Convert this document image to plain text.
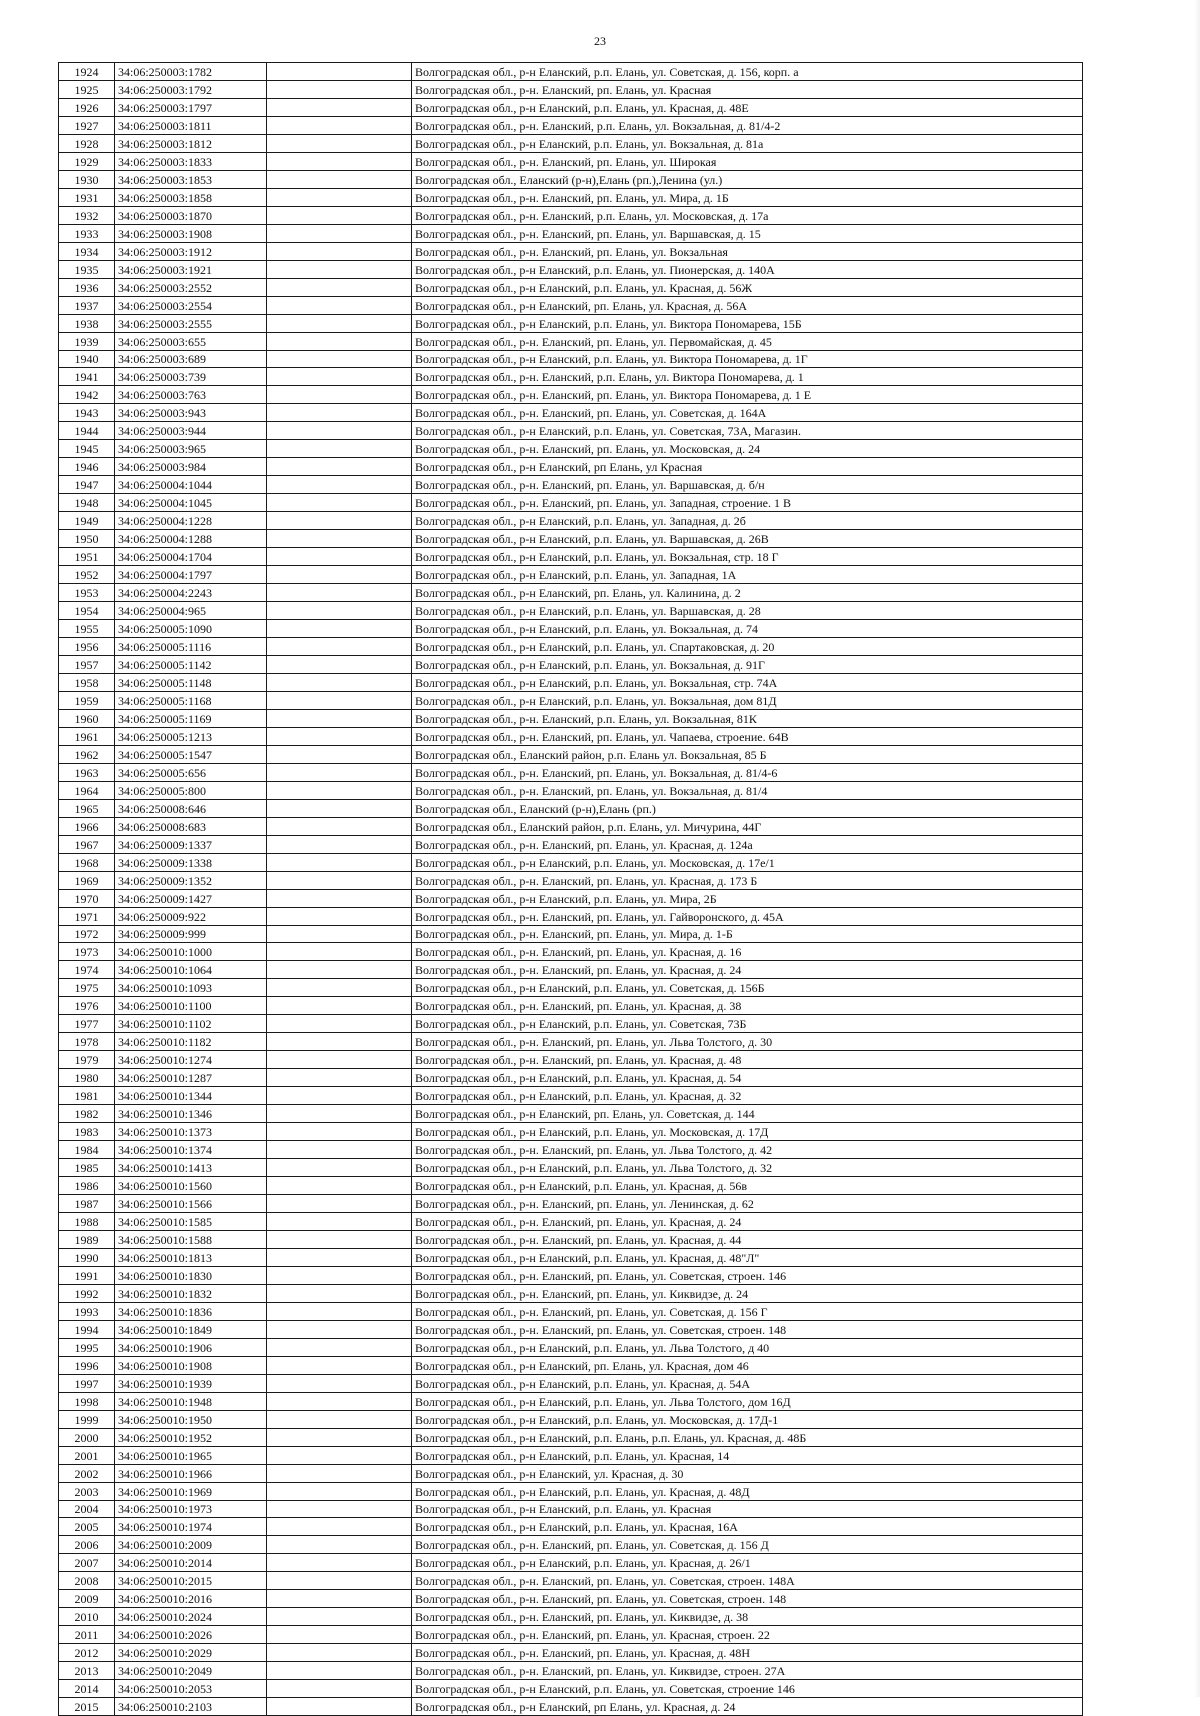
23
1924	34:06:250003:1782		Волгоградская обл., р-н Еланский, р.п. Елань, ул. Советская, д. 156, корп. а
1925	34:06:250003:1792		Волгоградская обл., р-н. Еланский, рп. Елань, ул. Красная
1926	34:06:250003:1797		Волгоградская обл., р-н Еланский, р.п. Елань, ул. Красная, д. 48Е
1927	34:06:250003:1811		Волгоградская обл., р-н. Еланский, р.п. Елань, ул. Вокзальная, д. 81/4-2
1928	34:06:250003:1812		Волгоградская обл., р-н Еланский, р.п. Елань, ул. Вокзальная, д. 81а
1929	34:06:250003:1833		Волгоградская обл., р-н. Еланский, рп. Елань, ул. Широкая
1930	34:06:250003:1853		Волгоградская обл., Еланский (р-н),Елань (рп.),Ленина (ул.)
1931	34:06:250003:1858		Волгоградская обл., р-н. Еланский, рп. Елань, ул. Мира, д. 1Б
1932	34:06:250003:1870		Волгоградская обл., р-н. Еланский, р.п. Елань, ул. Московская, д. 17а
1933	34:06:250003:1908		Волгоградская обл., р-н. Еланский, рп. Елань, ул. Варшавская, д. 15
1934	34:06:250003:1912		Волгоградская обл., р-н. Еланский, рп. Елань, ул. Вокзальная
1935	34:06:250003:1921		Волгоградская обл., р-н Еланский, р.п. Елань, ул. Пионерская, д. 140А
1936	34:06:250003:2552		Волгоградская обл., р-н Еланский, р.п. Елань, ул. Красная, д. 56Ж
1937	34:06:250003:2554		Волгоградская обл., р-н Еланский, рп. Елань, ул. Красная, д. 56А
1938	34:06:250003:2555		Волгоградская обл., р-н Еланский, р.п. Елань, ул. Виктора Пономарева, 15Б
1939	34:06:250003:655		Волгоградская обл., р-н. Еланский, рп. Елань, ул. Первомайская, д. 45
1940	34:06:250003:689		Волгоградская обл., р-н Еланский, р.п. Елань, ул. Виктора Пономарева, д. 1Г
1941	34:06:250003:739		Волгоградская обл., р-н. Еланский, р.п. Елань, ул. Виктора Пономарева, д. 1
1942	34:06:250003:763		Волгоградская обл., р-н. Еланский, рп. Елань, ул. Виктора Пономарева, д. 1 Е
1943	34:06:250003:943		Волгоградская обл., р-н. Еланский, рп. Елань, ул. Советская, д. 164А
1944	34:06:250003:944		Волгоградская обл., р-н Еланский, р.п. Елань, ул. Советская, 73А, Магазин.
1945	34:06:250003:965		Волгоградская обл., р-н. Еланский, рп. Елань, ул. Московская, д. 24
1946	34:06:250003:984		Волгоградская обл., р-н Еланский, рп Елань, ул Красная
1947	34:06:250004:1044		Волгоградская обл., р-н. Еланский, рп. Елань, ул. Варшавская, д. б/н
1948	34:06:250004:1045		Волгоградская обл., р-н. Еланский, рп. Елань, ул. Западная, строение. 1 В
1949	34:06:250004:1228		Волгоградская обл., р-н Еланский, р.п. Елань, ул. Западная, д. 2б
1950	34:06:250004:1288		Волгоградская обл., р-н Еланский, р.п. Елань, ул. Варшавская, д. 26В
1951	34:06:250004:1704		Волгоградская обл., р-н Еланский, р.п. Елань, ул. Вокзальная, стр. 18 Г
1952	34:06:250004:1797		Волгоградская обл., р-н Еланский, р.п. Елань, ул. Западная, 1А
1953	34:06:250004:2243		Волгоградская обл., р-н Еланский, рп. Елань, ул. Калинина, д. 2
1954	34:06:250004:965		Волгоградская обл., р-н Еланский, р.п. Елань, ул. Варшавская, д. 28
1955	34:06:250005:1090		Волгоградская обл., р-н Еланский, р.п. Елань, ул. Вокзальная, д. 74
1956	34:06:250005:1116		Волгоградская обл., р-н Еланский, р.п. Елань, ул. Спартаковская, д. 20
1957	34:06:250005:1142		Волгоградская обл., р-н Еланский, р.п. Елань, ул. Вокзальная, д. 91Г
1958	34:06:250005:1148		Волгоградская обл., р-н Еланский, р.п. Елань, ул. Вокзальная, стр. 74А
1959	34:06:250005:1168		Волгоградская обл., р-н Еланский, р.п. Елань, ул. Вокзальная, дом 81Д
1960	34:06:250005:1169		Волгоградская обл., р-н. Еланский, р.п. Елань, ул. Вокзальная, 81К
1961	34:06:250005:1213		Волгоградская обл., р-н. Еланский, рп. Елань, ул. Чапаева, строение. 64В
1962	34:06:250005:1547		Волгоградская обл., Еланский район, р.п. Елань ул. Вокзальная, 85 Б
1963	34:06:250005:656		Волгоградская обл., р-н. Еланский, рп. Елань, ул. Вокзальная, д. 81/4-6
1964	34:06:250005:800		Волгоградская обл., р-н. Еланский, рп. Елань, ул. Вокзальная, д. 81/4
1965	34:06:250008:646		Волгоградская обл., Еланский (р-н),Елань (рп.)
1966	34:06:250008:683		Волгоградская обл., Еланский район, р.п. Елань, ул. Мичурина, 44Г
1967	34:06:250009:1337		Волгоградская обл., р-н. Еланский, рп. Елань, ул. Красная, д. 124а
1968	34:06:250009:1338		Волгоградская обл., р-н Еланский, р.п. Елань, ул. Московская, д. 17е/1
1969	34:06:250009:1352		Волгоградская обл., р-н. Еланский, рп. Елань, ул. Красная, д. 173 Б
1970	34:06:250009:1427		Волгоградская обл., р-н Еланский, р.п. Елань, ул. Мира, 2Б
1971	34:06:250009:922		Волгоградская обл., р-н. Еланский, рп. Елань, ул. Гайворонского, д. 45А
1972	34:06:250009:999		Волгоградская обл., р-н. Еланский, рп. Елань, ул. Мира, д. 1-Б
1973	34:06:250010:1000		Волгоградская обл., р-н. Еланский, рп. Елань, ул. Красная, д. 16
1974	34:06:250010:1064		Волгоградская обл., р-н. Еланский, рп. Елань, ул. Красная, д. 24
1975	34:06:250010:1093		Волгоградская обл., р-н Еланский, р.п. Елань, ул. Советская, д. 156Б
1976	34:06:250010:1100		Волгоградская обл., р-н. Еланский, рп. Елань, ул. Красная, д. 38
1977	34:06:250010:1102		Волгоградская обл., р-н Еланский, р.п. Елань, ул. Советская, 73Б
1978	34:06:250010:1182		Волгоградская обл., р-н. Еланский, рп. Елань, ул. Льва Толстого, д. 30
1979	34:06:250010:1274		Волгоградская обл., р-н. Еланский, рп. Елань, ул. Красная, д. 48
1980	34:06:250010:1287		Волгоградская обл., р-н Еланский, р.п. Елань, ул. Красная, д. 54
1981	34:06:250010:1344		Волгоградская обл., р-н Еланский, р.п. Елань, ул. Красная, д. 32
1982	34:06:250010:1346		Волгоградская обл., р-н Еланский, рп. Елань, ул. Советская, д. 144
1983	34:06:250010:1373		Волгоградская обл., р-н Еланский, р.п. Елань, ул. Московская, д. 17Д
1984	34:06:250010:1374		Волгоградская обл., р-н. Еланский, рп. Елань, ул. Льва Толстого, д. 42
1985	34:06:250010:1413		Волгоградская обл., р-н Еланский, р.п. Елань, ул. Льва Толстого, д. 32
1986	34:06:250010:1560		Волгоградская обл., р-н Еланский, р.п. Елань, ул. Красная, д. 56в
1987	34:06:250010:1566		Волгоградская обл., р-н. Еланский, рп. Елань, ул. Ленинская, д. 62
1988	34:06:250010:1585		Волгоградская обл., р-н. Еланский, рп. Елань, ул. Красная, д. 24
1989	34:06:250010:1588		Волгоградская обл., р-н. Еланский, рп. Елань, ул. Красная, д. 44
1990	34:06:250010:1813		Волгоградская обл., р-н Еланский, р.п. Елань, ул. Красная, д. 48"Л"
1991	34:06:250010:1830		Волгоградская обл., р-н. Еланский, рп. Елань, ул. Советская, строен. 146
1992	34:06:250010:1832		Волгоградская обл., р-н. Еланский, рп. Елань, ул. Киквидзе, д. 24
1993	34:06:250010:1836		Волгоградская обл., р-н. Еланский, рп. Елань, ул. Советская, д. 156 Г
1994	34:06:250010:1849		Волгоградская обл., р-н. Еланский, рп. Елань, ул. Советская, строен. 148
1995	34:06:250010:1906		Волгоградская обл., р-н Еланский, р.п. Елань, ул. Льва Толстого, д 40
1996	34:06:250010:1908		Волгоградская обл., р-н Еланский, рп. Елань, ул. Красная, дом 46
1997	34:06:250010:1939		Волгоградская обл., р-н Еланский, р.п. Елань, ул. Красная, д. 54А
1998	34:06:250010:1948		Волгоградская обл., р-н Еланский, р.п. Елань, ул. Льва Толстого, дом 16Д
1999	34:06:250010:1950		Волгоградская обл., р-н Еланский, р.п. Елань, ул. Московская, д. 17Д-1
2000	34:06:250010:1952		Волгоградская обл., р-н Еланский, р.п. Елань, р.п. Елань, ул. Красная, д. 48Б
2001	34:06:250010:1965		Волгоградская обл., р-н Еланский, р.п. Елань, ул. Красная, 14
2002	34:06:250010:1966		Волгоградская обл., р-н Еланский, ул. Красная, д. 30
2003	34:06:250010:1969		Волгоградская обл., р-н Еланский, р.п. Елань, ул. Красная, д. 48Д
2004	34:06:250010:1973		Волгоградская обл., р-н Еланский, р.п. Елань, ул. Красная
2005	34:06:250010:1974		Волгоградская обл., р-н Еланский, р.п. Елань, ул. Красная, 16А
2006	34:06:250010:2009		Волгоградская обл., р-н. Еланский, рп. Елань, ул. Советская, д. 156 Д
2007	34:06:250010:2014		Волгоградская обл., р-н Еланский, р.п. Елань, ул. Красная, д. 26/1
2008	34:06:250010:2015		Волгоградская обл., р-н. Еланский, рп. Елань, ул. Советская, строен. 148А
2009	34:06:250010:2016		Волгоградская обл., р-н. Еланский, рп. Елань, ул. Советская, строен. 148
2010	34:06:250010:2024		Волгоградская обл., р-н. Еланский, рп. Елань, ул. Киквидзе, д. 38
2011	34:06:250010:2026		Волгоградская обл., р-н. Еланский, рп. Елань, ул. Красная, строен. 22
2012	34:06:250010:2029		Волгоградская обл., р-н. Еланский, рп. Елань, ул. Красная, д. 48Н
2013	34:06:250010:2049		Волгоградская обл., р-н. Еланский, рп. Елань, ул. Киквидзе, строен. 27А
2014	34:06:250010:2053		Волгоградская обл., р-н Еланский, р.п. Елань, ул. Советская, строение 146
2015	34:06:250010:2103		Волгоградская обл., р-н Еланский, рп Елань, ул. Красная, д. 24
